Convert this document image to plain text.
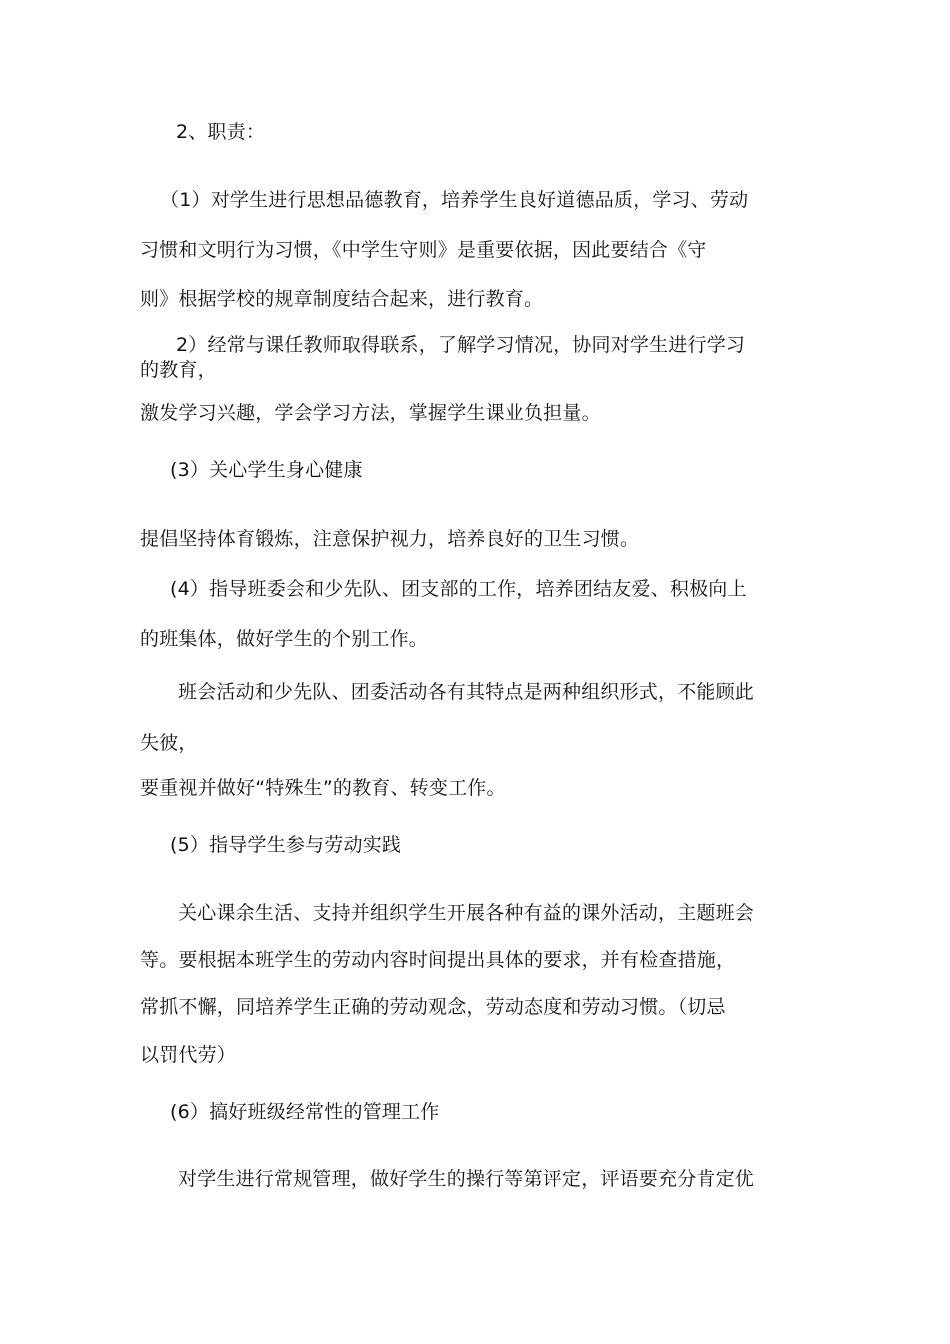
2、职责：
（1）对学生进行思想品德教育，培养学生良好道德品质，学习、劳动
习惯和文明行为习惯，《中学生守则》是重要依据，因此要结合《守
则》根据学校的规章制度结合起来，进行教育。
2）经常与课任教师取得联系，了解学习情况，协同对学生进行学习
的教育，
激发学习兴趣，学会学习方法，掌握学生课业负担量。
(3）关心学生身心健康
提倡坚持体育锻炼，注意保护视力，培养良好的卫生习惯。
(4）指导班委会和少先队、团支部的工作，培养团结友爱、积极向上
的班集体，做好学生的个别工作。
班会活动和少先队、团委活动各有其特点是两种组织形式，不能顾此
失彼，
要重视并做好“特殊生”的教育、转变工作。
(5）指导学生参与劳动实践
关心课余生活、支持并组织学生开展各种有益的课外活动，主题班会
等。要根据本班学生的劳动内容时间提出具体的要求，并有检查措施，
常抓不懈，同培养学生正确的劳动观念，劳动态度和劳动习惯。（切忌
以罚代劳）
(6）搞好班级经常性的管理工作
对学生进行常规管理，做好学生的操行等第评定，评语要充分肯定优
